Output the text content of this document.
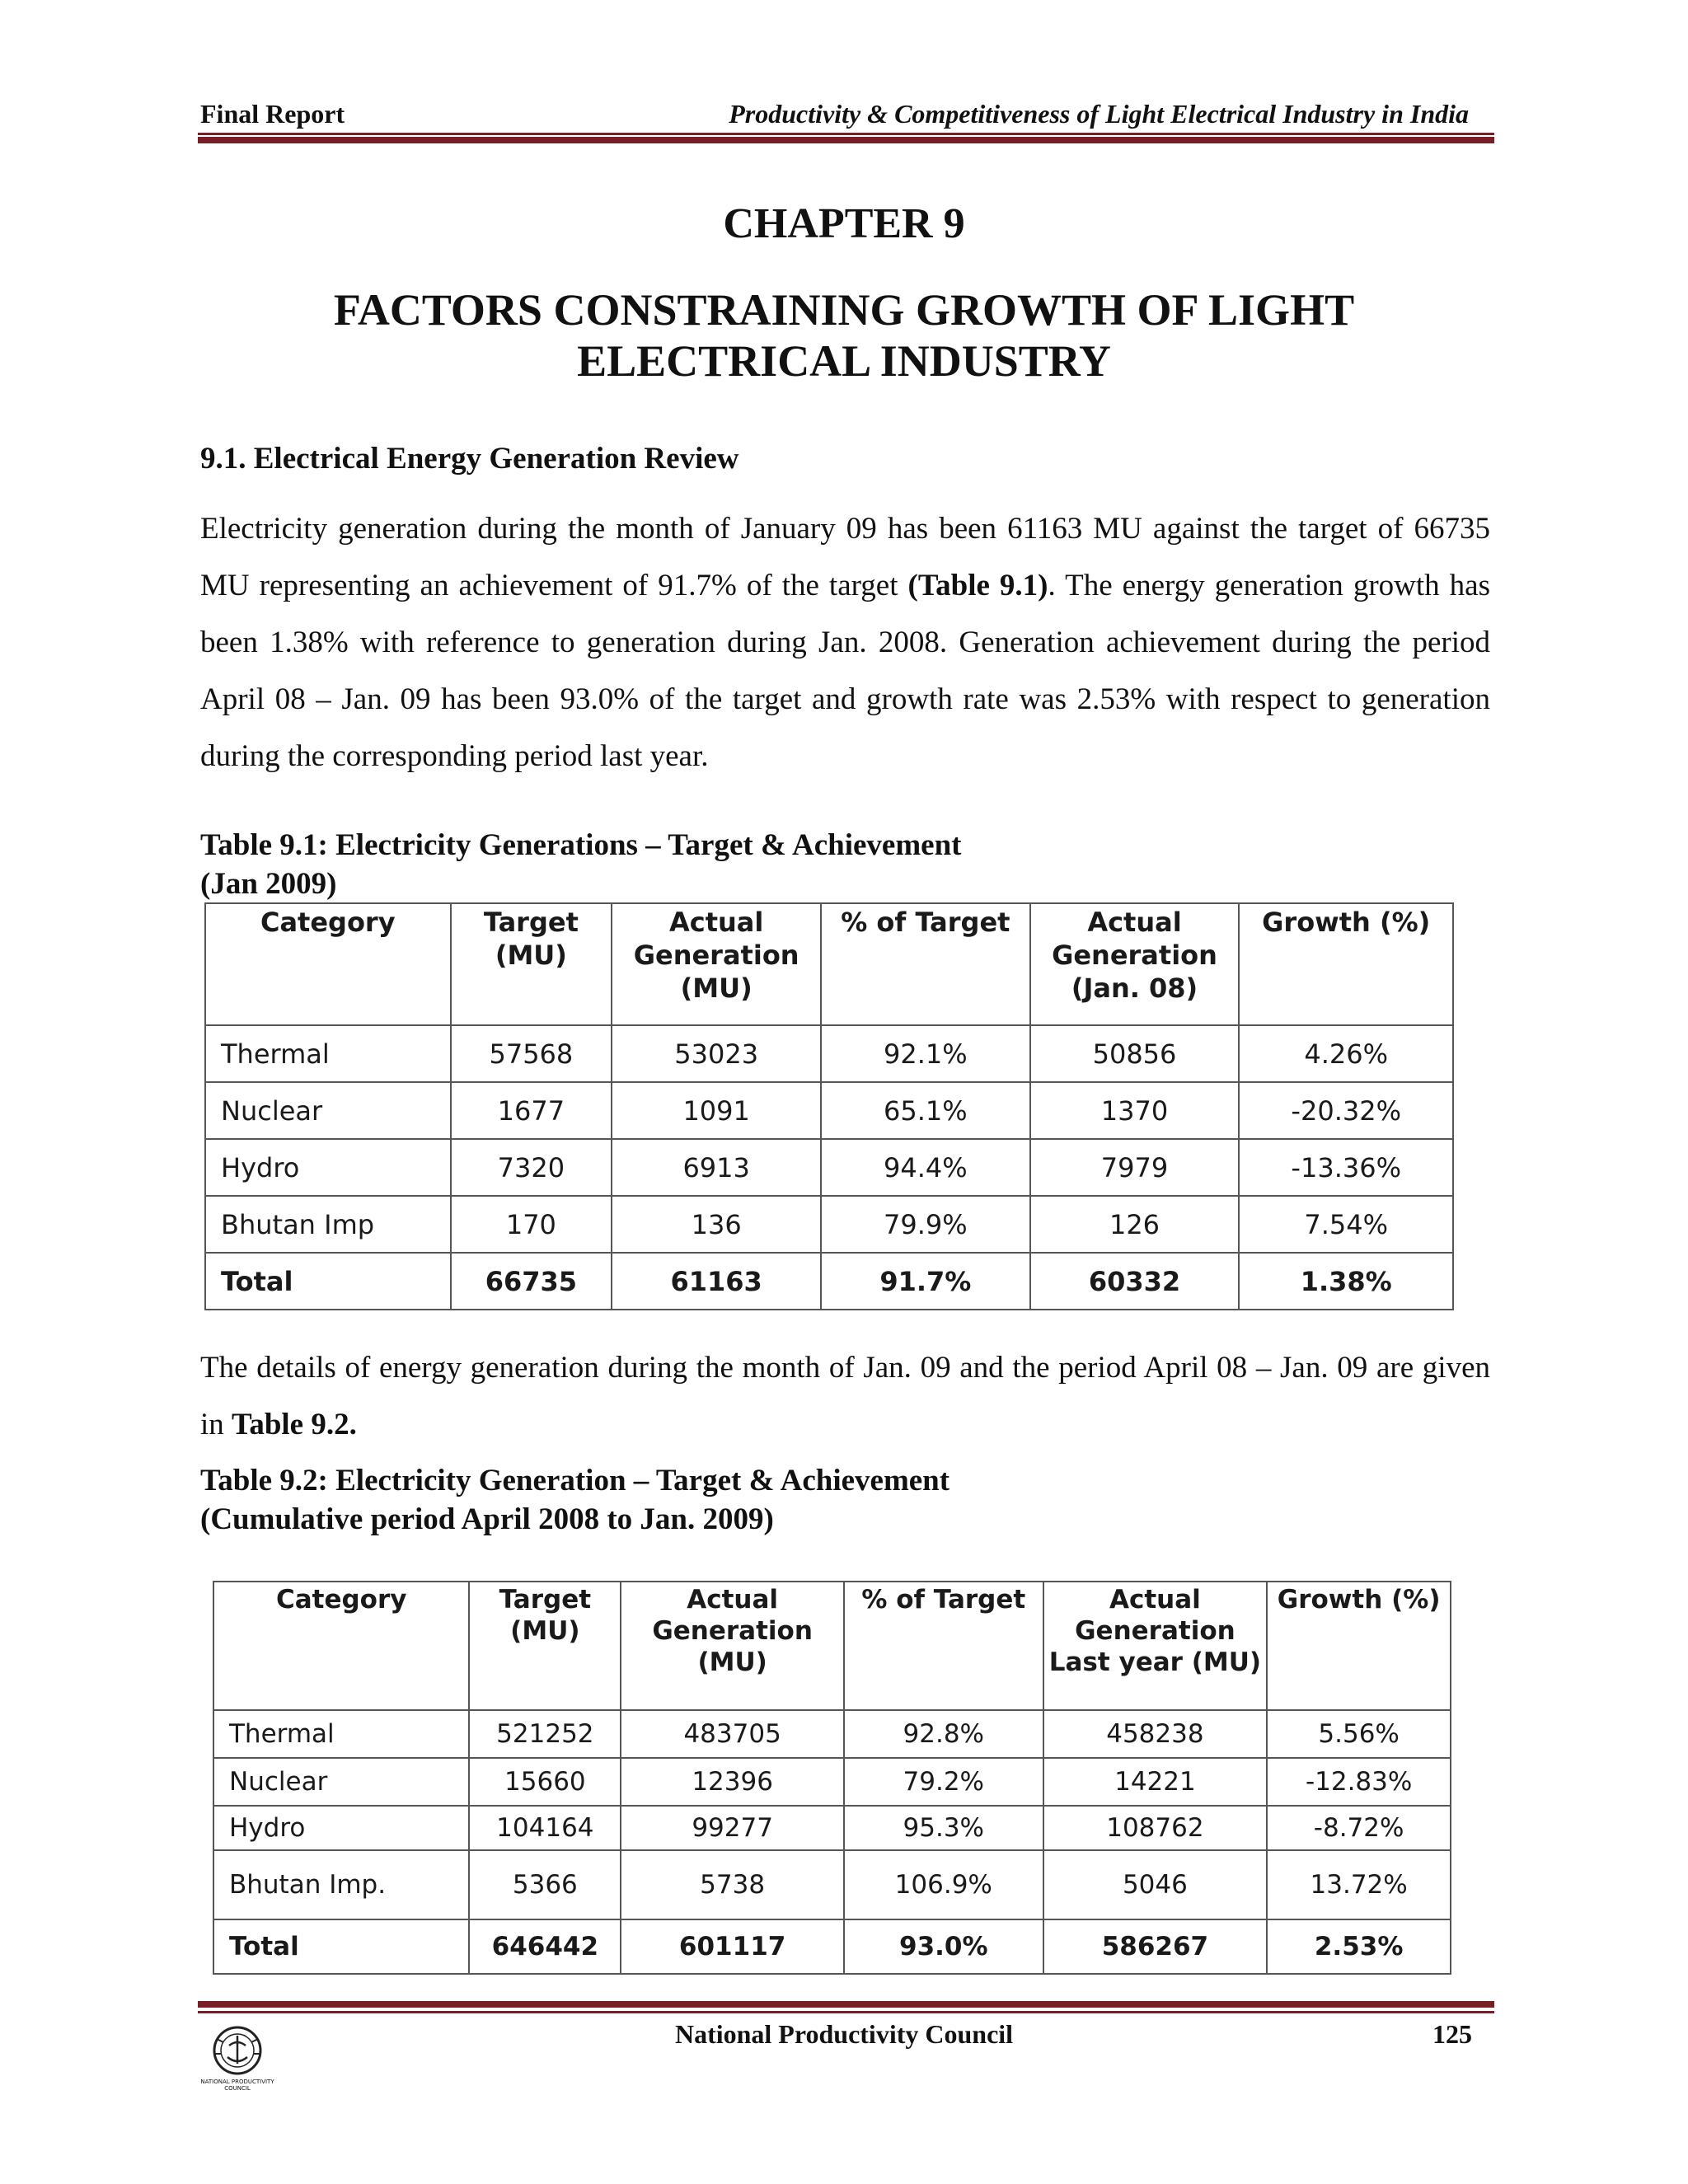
Final Report	Productivity & Competitiveness of Light Electrical Industry in India
CHAPTER 9
FACTORS CONSTRAINING GROWTH OF LIGHT ELECTRICAL INDUSTRY
9.1. Electrical Energy Generation Review

Electricity generation during the month of January 09 has been 61163 MU against the target of 66735 MU representing an achievement of 91.7% of the target (Table 9.1). The energy generation growth has been 1.38% with reference to generation during Jan. 2008. Generation achievement during the period April 08 – Jan. 09 has been 93.0% of the target and growth rate was 2.53% with respect to generation during the corresponding period last year.

Table 9.1: Electricity Generations – Target & Achievement
(Jan 2009)
Category	Target (MU)	Actual Generation (MU)	% of Target	Actual Generation (Jan. 08)	Growth (%)
Thermal	57568	53023	92.1%	50856	4.26%
Nuclear	1677	1091	65.1%	1370	-20.32%
Hydro	7320	6913	94.4%	7979	-13.36%
Bhutan Imp	170	136	79.9%	126	7.54%
Total	66735	61163	91.7%	60332	1.38%

The details of energy generation during the month of Jan. 09 and the period April 08 – Jan. 09 are given in Table 9.2.

Table 9.2: Electricity Generation – Target & Achievement
(Cumulative period April 2008 to Jan. 2009)
Category	Target (MU)	Actual Generation (MU)	% of Target	Actual Generation Last year (MU)	Growth (%)
Thermal	521252	483705	92.8%	458238	5.56%
Nuclear	15660	12396	79.2%	14221	-12.83%
Hydro	104164	99277	95.3%	108762	-8.72%
Bhutan Imp.	5366	5738	106.9%	5046	13.72%
Total	646442	601117	93.0%	586267	2.53%
NATIONAL PRODUCTIVITY COUNCIL
National Productivity Council	125
